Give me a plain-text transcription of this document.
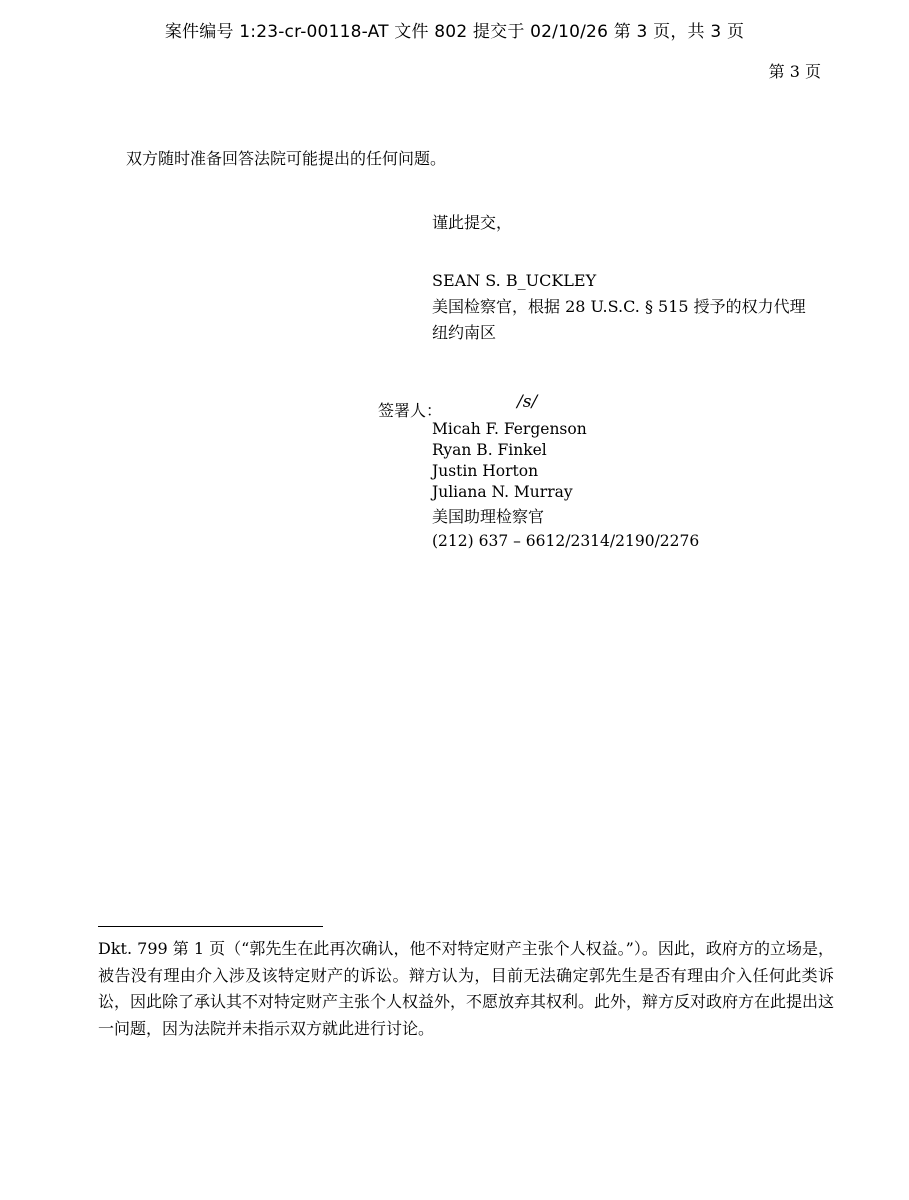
案件编号 1:23-cr-00118-AT 文件 802 提交于 02/10/26 第 3 页，共 3 页
第 3 页
双方随时准备回答法院可能提出的任何问题。
谨此提交，
SEAN S. B_UCKLEY
美国检察官，根据 28 U.S.C. § 515 授予的权力代理
纽约南区
签署人：	/s/
Micah F. Fergenson
Ryan B. Finkel
Justin Horton
Juliana N. Murray
美国助理检察官
(212) 637 – 6612/2314/2190/2276
Dkt. 799 第 1 页（“郭先生在此再次确认，他不对特定财产主张个人权益。”）。因此，政府方的立场是，被告没有理由介入涉及该特定财产的诉讼。辩方认为，目前无法确定郭先生是否有理由介入任何此类诉讼，因此除了承认其不对特定财产主张个人权益外，不愿放弃其权利。此外，辩方反对政府方在此提出这一问题，因为法院并未指示双方就此进行讨论。
